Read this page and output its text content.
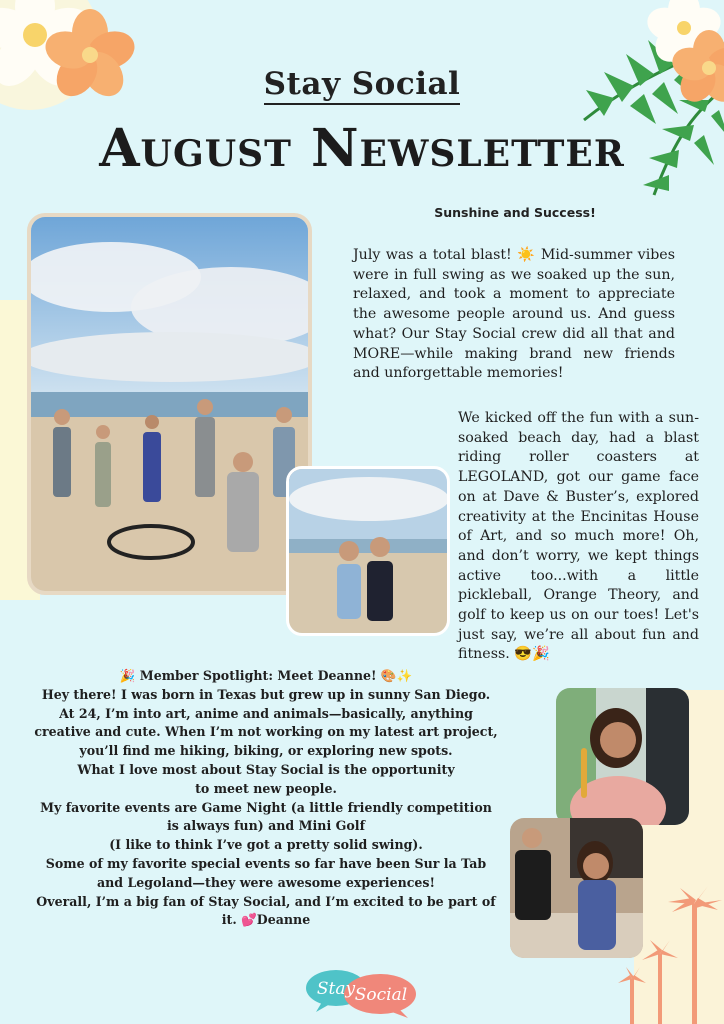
Stay Social
August Newsletter
Sunshine and Success!

July was a total blast! ☀️ Mid-summer vibes were in full swing as we soaked up the sun, relaxed, and took a moment to appreciate the awesome people around us. And guess what? Our Stay Social crew did all that and MORE—while making brand new friends and unforgettable memories!

We kicked off the fun with a sun-soaked beach day, had a blast riding roller coasters at LEGOLAND, got our game face on at Dave & Buster’s, explored creativity at the Encinitas House of Art, and so much more! Oh, and don’t worry, we kept things active too...with a little pickleball, Orange Theory, and golf to keep us on our toes! Let's just say, we’re all about fun and fitness. 😎🎉

🎉 Member Spotlight: Meet Deanne! 🎨✨
Hey there! I was born in Texas but grew up in sunny San Diego. At 24, I’m into art, anime and animals—basically, anything creative and cute. When I’m not working on my latest art project, you’ll find me hiking, biking, or exploring new spots.
What I love most about Stay Social is the opportunity
to meet new people.
My favorite events are Game Night (a little friendly competition is always fun) and Mini Golf
(I like to think I’ve got a pretty solid swing).
Some of my favorite special events so far have been Sur la Tab and Legoland—they were awesome experiences!
Overall, I’m a big fan of Stay Social, and I’m excited to be part of it. 💕Deanne
Stay Social
